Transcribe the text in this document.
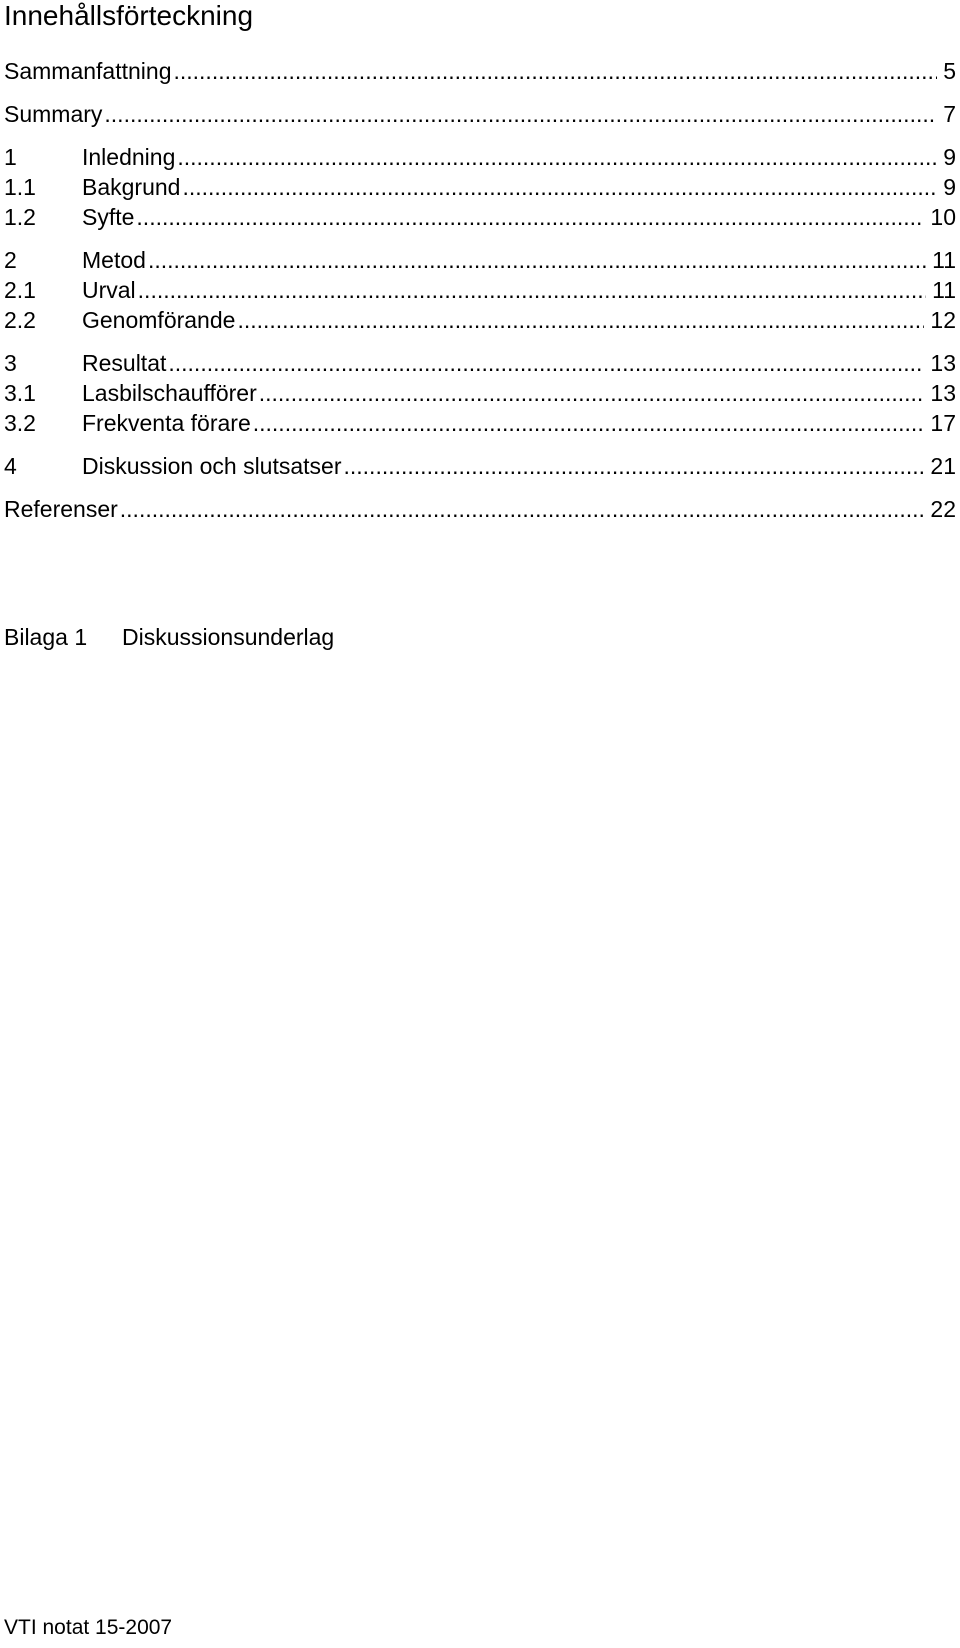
Innehållsförteckning
Sammanfattning .....	5
Summary .....	7
1	Inledning .....	9
1.1 Bakgrund .....	9
1.2 Syfte .....	10
2	Metod .....	11
2.1 Urval .....	11
2.2 Genomförande .....	12
3	Resultat .....	13
3.1 Lasbilschaufförer .....	13
3.2 Frekventa förare .....	17
4	Diskussion och slutsatser .....	21
Referenser .....	22
Bilaga 1 Diskussionsunderlag
VTI notat 15-2007
